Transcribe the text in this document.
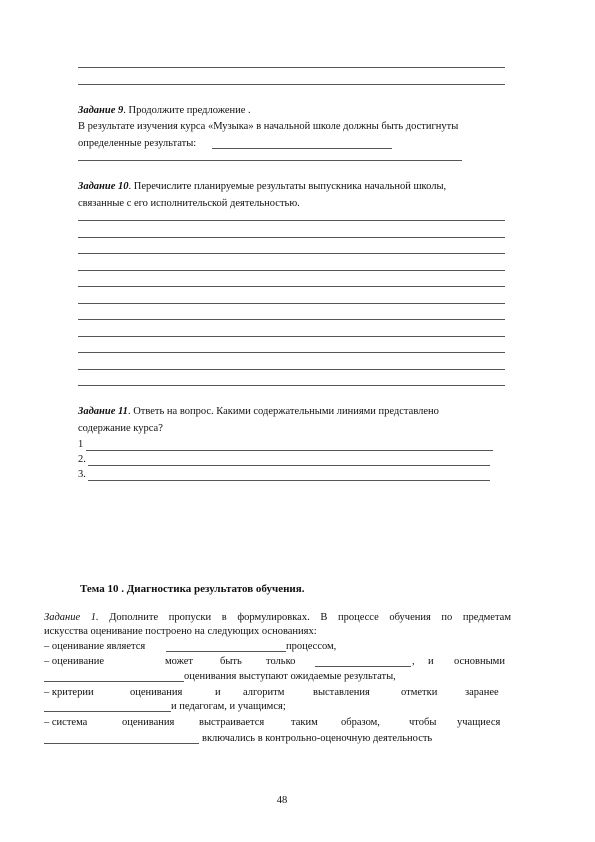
Задание 9. Продолжите предложение .
В результате изучения курса «Музыка» в начальной школе должны быть достигнуты
определенные результаты:
Задание 10. Перечислите планируемые результаты выпускника начальной школы,
связанные с его исполнительской деятельностью.
Задание 11. Ответь на вопрос. Какими содержательными линиями представлено
содержание курса?
1
2.
3.
Тема 10 . Диагностика результатов обучения.
Задание 1. Дополните пропуски в формулировках. В процессе обучения по предметам
искусства оценивание построено на следующих основаниях:
– оценивание является	процессом,
– оценивание	может	быть только	, и основными
оценивания выступают ожидаемые результаты,
– критерии	оценивания	и алгоритм	выставления	отметки	заранее
и педагогам, и учащимся;
– система	оценивания выстраивается	таким образом,	чтобы учащиеся
включались в контрольно-оценочную деятельность
48
